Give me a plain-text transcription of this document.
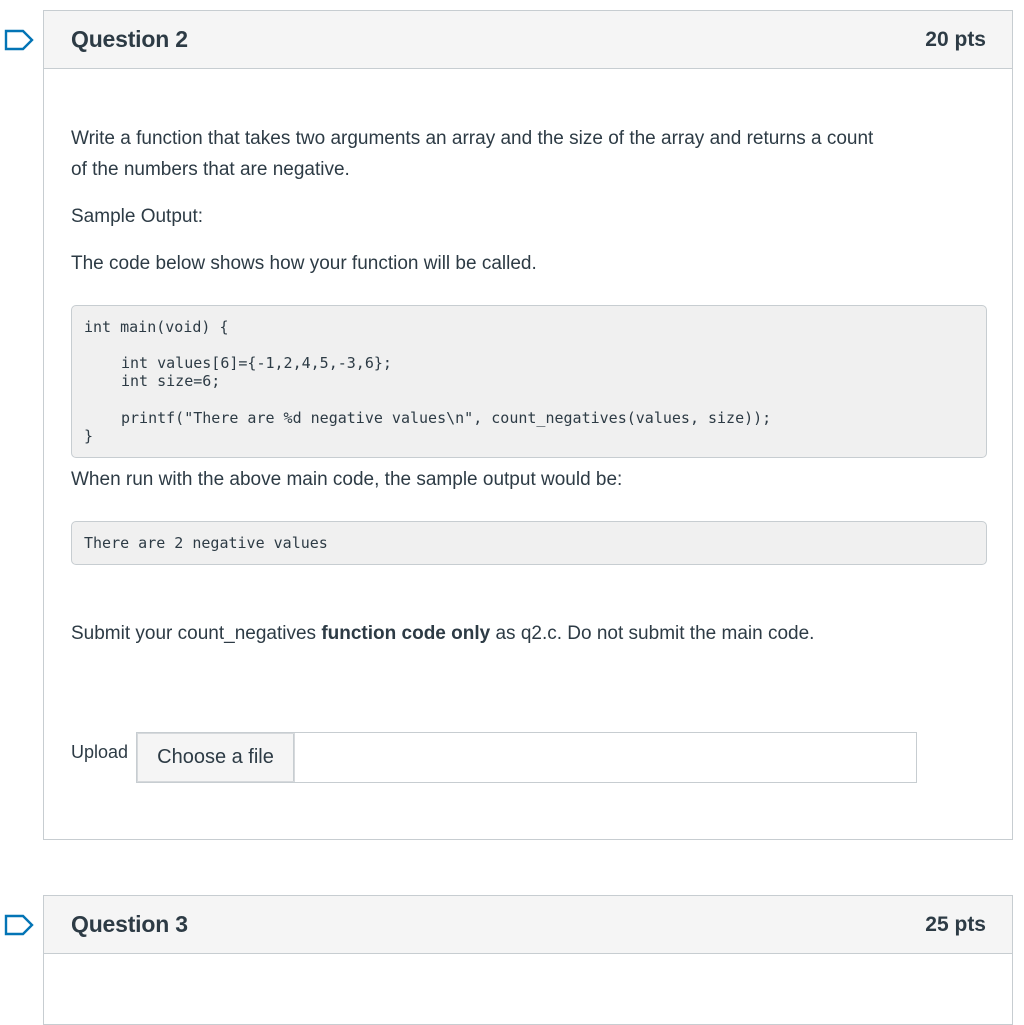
Question 2	20 pts
Write a function that takes two arguments an array and the size of the array and returns a count
of the numbers that are negative.
Sample Output:
The code below shows how your function will be called.
int main(void) {
int values[6]={-1,2,4,5,-3,6};
int size=6;
printf("There are %d negative values\n", count_negatives(values, size));
}
When run with the above main code, the sample output would be:
There are 2 negative values
Submit your count_negatives function code only as q2.c. Do not submit the main code.
Upload	Choose a file
Question 3	25 pts
